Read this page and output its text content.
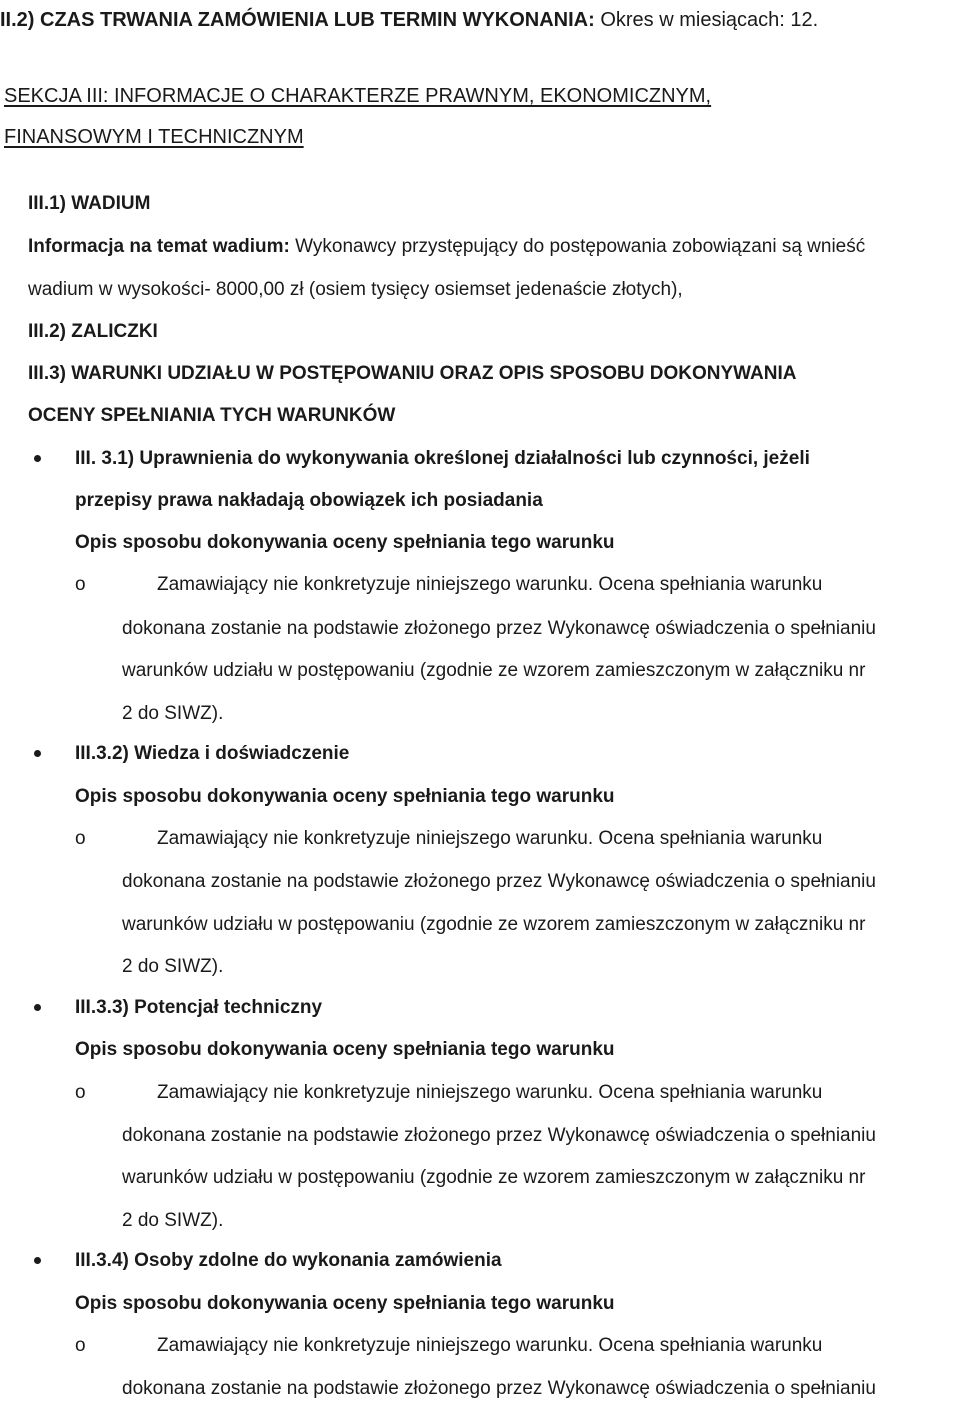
II.2) CZAS TRWANIA ZAMÓWIENIA LUB TERMIN WYKONANIA: Okres w miesiącach: 12.
SEKCJA III: INFORMACJE O CHARAKTERZE PRAWNYM, EKONOMICZNYM,
FINANSOWYM I TECHNICZNYM
III.1) WADIUM
Informacja na temat wadium: Wykonawcy przystępujący do postępowania zobowiązani są wnieść
wadium w wysokości- 8000,00 zł (osiem tysięcy osiemset jedenaście złotych),
III.2) ZALICZKI
III.3) WARUNKI UDZIAŁU W POSTĘPOWANIU ORAZ OPIS SPOSOBU DOKONYWANIA
OCENY SPEŁNIANIA TYCH WARUNKÓW
III. 3.1) Uprawnienia do wykonywania określonej działalności lub czynności, jeżeli
przepisy prawa nakładają obowiązek ich posiadania
Opis sposobu dokonywania oceny spełniania tego warunku
o	Zamawiający nie konkretyzuje niniejszego warunku. Ocena spełniania warunku
dokonana zostanie na podstawie złożonego przez Wykonawcę oświadczenia o spełnianiu
warunków udziału w postępowaniu (zgodnie ze wzorem zamieszczonym w załączniku nr
2 do SIWZ).
III.3.2) Wiedza i doświadczenie
Opis sposobu dokonywania oceny spełniania tego warunku
o	Zamawiający nie konkretyzuje niniejszego warunku. Ocena spełniania warunku
dokonana zostanie na podstawie złożonego przez Wykonawcę oświadczenia o spełnianiu
warunków udziału w postępowaniu (zgodnie ze wzorem zamieszczonym w załączniku nr
2 do SIWZ).
III.3.3) Potencjał techniczny
Opis sposobu dokonywania oceny spełniania tego warunku
o	Zamawiający nie konkretyzuje niniejszego warunku. Ocena spełniania warunku
dokonana zostanie na podstawie złożonego przez Wykonawcę oświadczenia o spełnianiu
warunków udziału w postępowaniu (zgodnie ze wzorem zamieszczonym w załączniku nr
2 do SIWZ).
III.3.4) Osoby zdolne do wykonania zamówienia
Opis sposobu dokonywania oceny spełniania tego warunku
o	Zamawiający nie konkretyzuje niniejszego warunku. Ocena spełniania warunku
dokonana zostanie na podstawie złożonego przez Wykonawcę oświadczenia o spełnianiu
